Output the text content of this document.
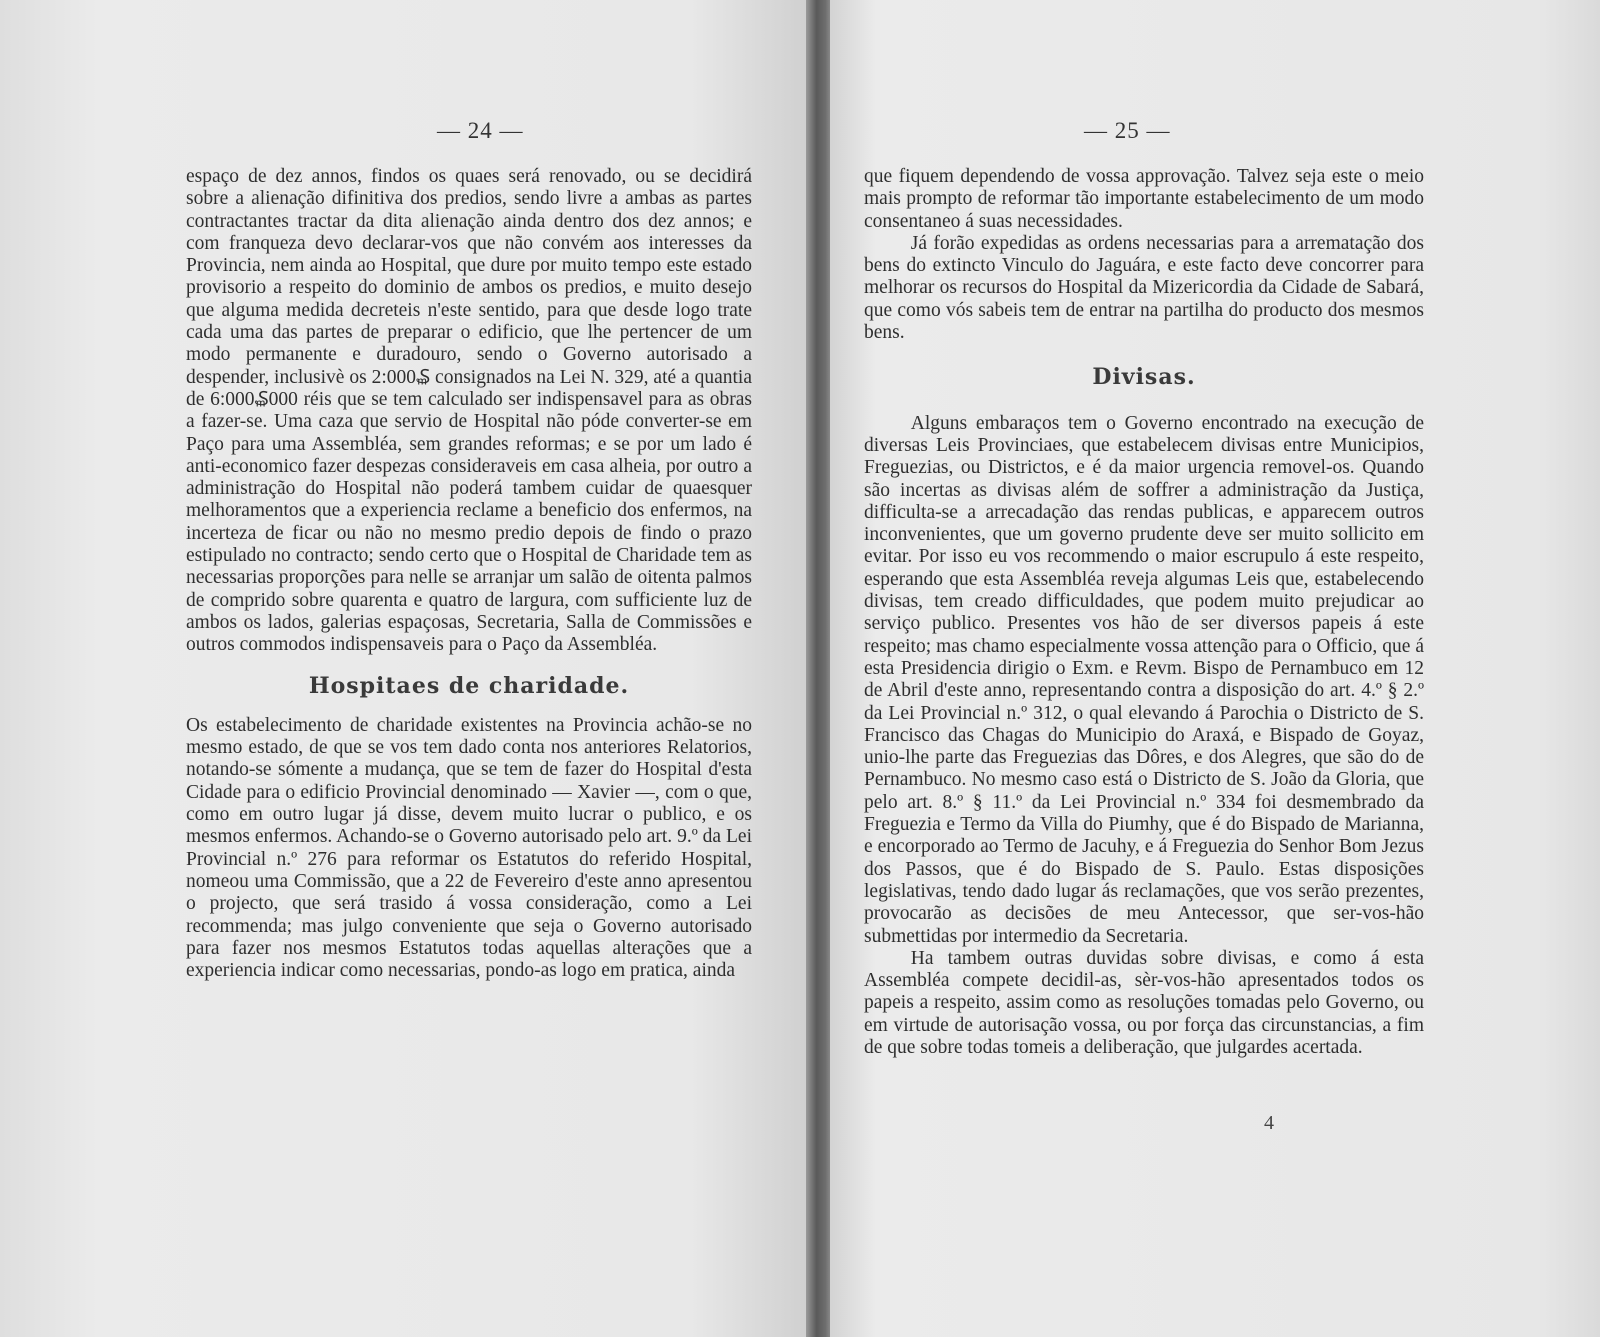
— 24 —

espaço de dez annos, findos os quaes será renovado, ou se decidirá sobre a alienação difinitiva dos predios, sendo livre a ambas as partes contractantes tractar da dita alienação ainda dentro dos dez annos; e com franqueza devo declarar-vos que não convém aos interesses da Provincia, nem ainda ao Hospital, que dure por muito tempo este estado provisorio a respeito do dominio de ambos os predios, e muito desejo que alguma medida decreteis n'este sentido, para que desde logo trate cada uma das partes de preparar o edificio, que lhe pertencer de um modo permanente e duradouro, sendo o Governo autorisado a despender, inclusivè os 2:000₷ consignados na Lei N. 329, até a quantia de 6:000₷000 réis que se tem calculado ser indispensavel para as obras a fazer-se. Uma caza que servio de Hospital não póde converter-se em Paço para uma Assembléa, sem grandes reformas; e se por um lado é anti-economico fazer despezas consideraveis em casa alheia, por outro a administração do Hospital não poderá tambem cuidar de quaesquer melhoramentos que a experiencia reclame a beneficio dos enfermos, na incerteza de ficar ou não no mesmo predio depois de findo o prazo estipulado no contracto; sendo certo que o Hospital de Charidade tem as necessarias proporções para nelle se arranjar um salão de oitenta palmos de comprido sobre quarenta e quatro de largura, com sufficiente luz de ambos os lados, galerias espaçosas, Secretaria, Salla de Commissões e outros commodos indispensaveis para o Paço da Assembléa.

Hospitaes de charidade.

Os estabelecimento de charidade existentes na Provincia achão-se no mesmo estado, de que se vos tem dado conta nos anteriores Relatorios, notando-se sómente a mudança, que se tem de fazer do Hospital d'esta Cidade para o edificio Provincial denominado — Xavier —, com o que, como em outro lugar já disse, devem muito lucrar o publico, e os mesmos enfermos. Achando-se o Governo autorisado pelo art. 9.º da Lei Provincial n.º 276 para reformar os Estatutos do referido Hospital, nomeou uma Commissão, que a 22 de Fevereiro d'este anno apresentou o projecto, que será trasido á vossa consideração, como a Lei recommenda; mas julgo conveniente que seja o Governo autorisado para fazer nos mesmos Estatutos todas aquellas alterações que a experiencia indicar como necessarias, pondo-as logo em pratica, ainda

— 25 —

que fiquem dependendo de vossa approvação. Talvez seja este o meio mais prompto de reformar tão importante estabelecimento de um modo consentaneo á suas necessidades.

Já forão expedidas as ordens necessarias para a arrematação dos bens do extincto Vinculo do Jaguára, e este facto deve concorrer para melhorar os recursos do Hospital da Mizericordia da Cidade de Sabará, que como vós sabeis tem de entrar na partilha do producto dos mesmos bens.

Divisas.

Alguns embaraços tem o Governo encontrado na execução de diversas Leis Provinciaes, que estabelecem divisas entre Municipios, Freguezias, ou Districtos, e é da maior urgencia removel-os. Quando são incertas as divisas além de soffrer a administração da Justiça, difficulta-se a arrecadação das rendas publicas, e apparecem outros inconvenientes, que um governo prudente deve ser muito sollicito em evitar. Por isso eu vos recommendo o maior escrupulo á este respeito, esperando que esta Assembléa reveja algumas Leis que, estabelecendo divisas, tem creado difficuldades, que podem muito prejudicar ao serviço publico. Presentes vos hão de ser diversos papeis á este respeito; mas chamo especialmente vossa attenção para o Officio, que á esta Presidencia dirigio o Exm. e Revm. Bispo de Pernambuco em 12 de Abril d'este anno, representando contra a disposição do art. 4.º § 2.º da Lei Provincial n.º 312, o qual elevando á Parochia o Districto de S. Francisco das Chagas do Municipio do Araxá, e Bispado de Goyaz, unio-lhe parte das Freguezias das Dôres, e dos Alegres, que são do de Pernambuco. No mesmo caso está o Districto de S. João da Gloria, que pelo art. 8.º § 11.º da Lei Provincial n.º 334 foi desmembrado da Freguezia e Termo da Villa do Piumhy, que é do Bispado de Marianna, e encorporado ao Termo de Jacuhy, e á Freguezia do Senhor Bom Jezus dos Passos, que é do Bispado de S. Paulo. Estas disposições legislativas, tendo dado lugar ás reclamações, que vos serão prezentes, provocarão as decisões de meu Antecessor, que ser-vos-hão submettidas por intermedio da Secretaria.

Ha tambem outras duvidas sobre divisas, e como á esta Assembléa compete decidil-as, sèr-vos-hão apresentados todos os papeis a respeito, assim como as resoluções tomadas pelo Governo, ou em virtude de autorisação vossa, ou por força das circunstancias, a fim de que sobre todas tomeis a deliberação, que julgardes acertada.

4
